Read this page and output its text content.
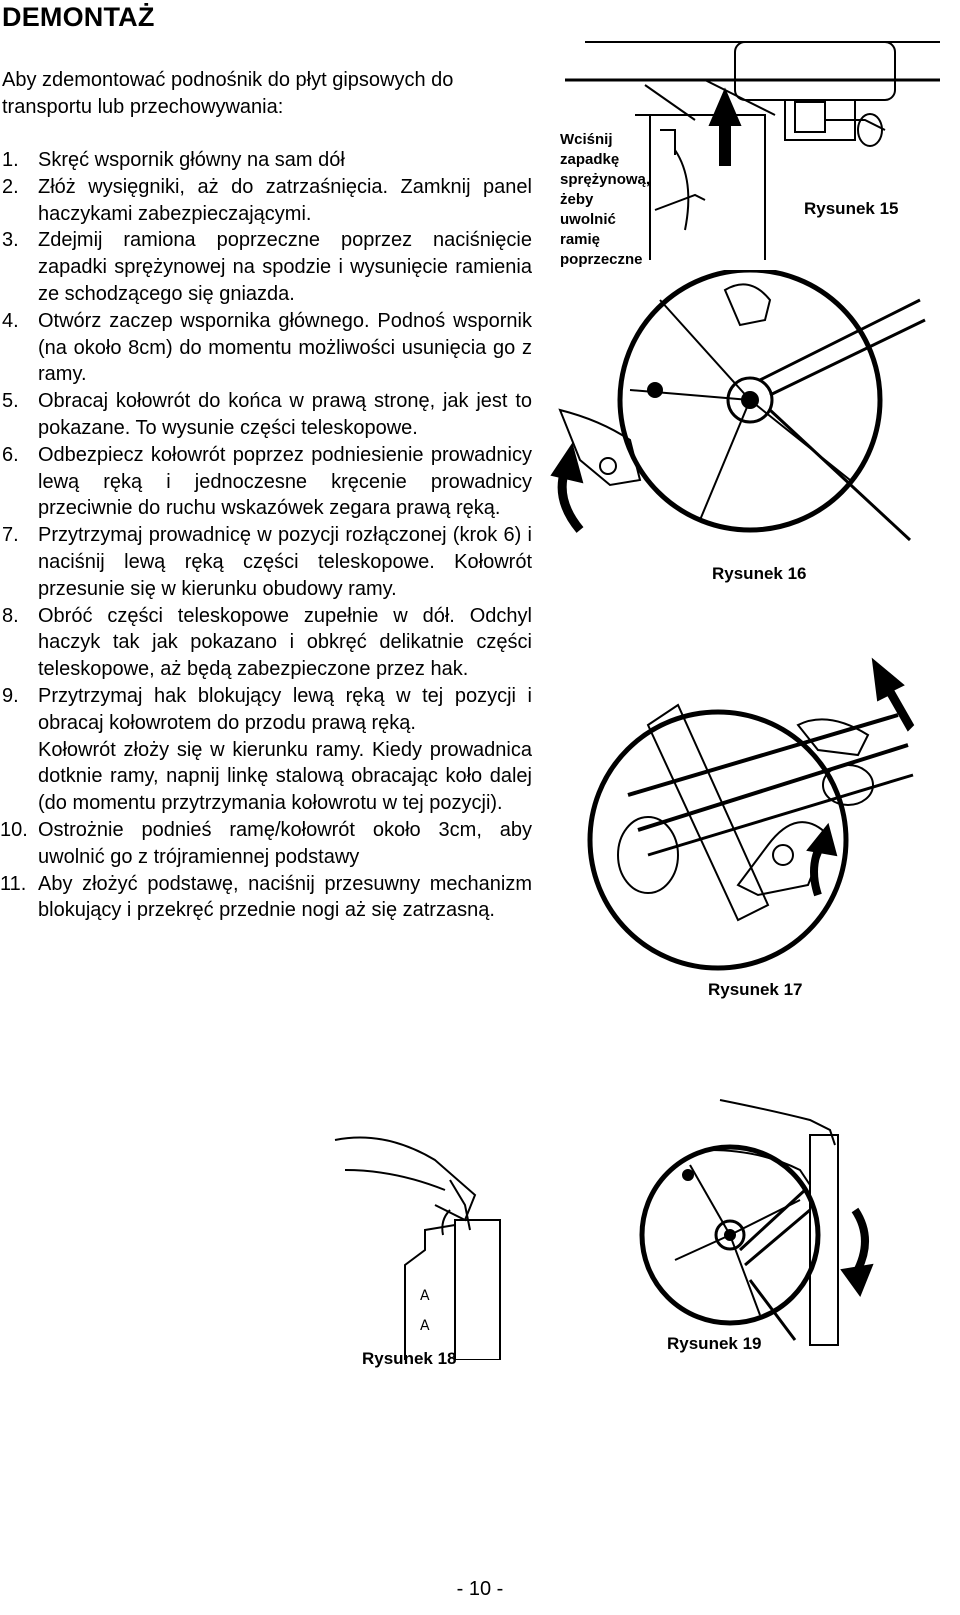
DEMONTAŻ
Aby zdemontować podnośnik do płyt gipsowych do transportu lub przechowywania:
1. Skręć wspornik główny na sam dół
2. Złóż wysięgniki, aż do zatrzaśnięcia. Zamknij panel haczykami zabezpieczającymi.
3. Zdejmij ramiona poprzeczne poprzez naciśnięcie zapadki sprężynowej na spodzie i wysunięcie ramienia ze schodzącego się gniazda.
4. Otwórz zaczep wspornika głównego. Podnoś wspornik (na około 8cm) do momentu możliwości usunięcia go z ramy.
5. Obracaj kołowrót do końca w prawą stronę, jak jest to pokazane. To wysunie części teleskopowe.
6. Odbezpiecz kołowrót poprzez podniesienie prowadnicy lewą ręką i jednoczesne kręcenie prowadnicy przeciwnie do ruchu wskazówek zegara prawą ręką.
7. Przytrzymaj prowadnicę w pozycji rozłączonej (krok 6) i naciśnij lewą ręką części teleskopowe. Kołowrót przesunie się w kierunku obudowy ramy.
8. Obróć części teleskopowe zupełnie w dół. Odchyl haczyk tak jak pokazano i obkręć delikatnie części teleskopowe, aż będą zabezpieczone przez hak.
9. Przytrzymaj hak blokujący lewą ręką w tej pozycji i obracaj kołowrotem do przodu prawą ręką.
Kołowrót złoży się w kierunku ramy. Kiedy prowadnica dotknie ramy, napnij linkę stalową obracając koło dalej (do momentu przytrzymania kołowrotu w tej pozycji).
10. Ostrożnie podnieś ramę/kołowrót około 3cm, aby uwolnić go z trójramiennej podstawy
11. Aby złożyć podstawę, naciśnij przesuwny mechanizm blokujący i przekręć przednie nogi aż się zatrzasną.
Wciśnij
zapadkę
sprężynową,
żeby
uwolnić
ramię
poprzeczne
Rysunek 15
Rysunek 16
Rysunek 17
A
A
Rysunek 18
Rysunek 19
- 10 -
